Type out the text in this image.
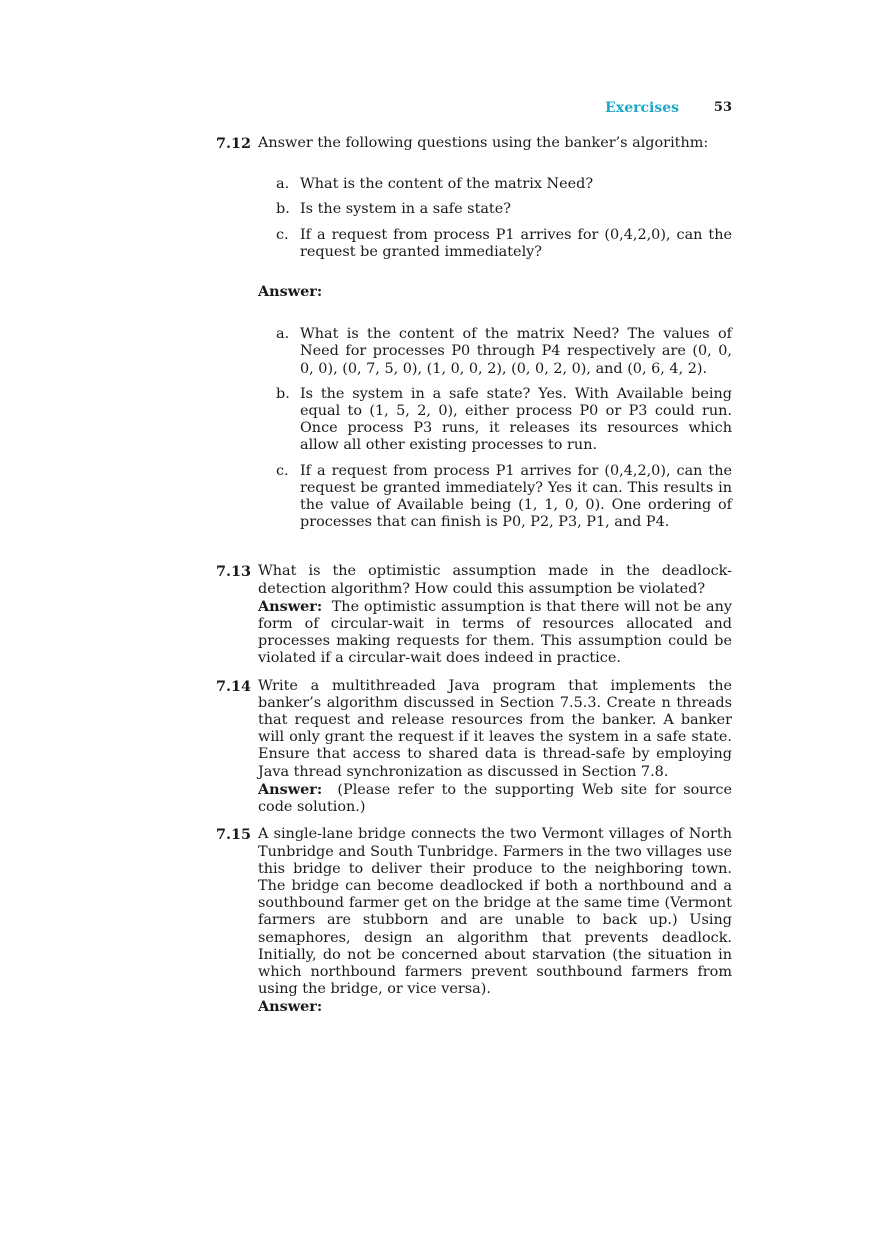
Exercises	53
7.12 Answer the following questions using the banker’s algorithm:
a. What is the content of the matrix Need?
b. Is the system in a safe state?
c. If a request from process P1 arrives for (0,4,2,0), can the request be granted immediately?
Answer:
a. What is the content of the matrix Need? The values of Need for processes P0 through P4 respectively are (0, 0, 0, 0), (0, 7, 5, 0), (1, 0, 0, 2), (0, 0, 2, 0), and (0, 6, 4, 2).
b. Is the system in a safe state? Yes. With Available being equal to (1, 5, 2, 0), either process P0 or P3 could run. Once process P3 runs, it releases its resources which allow all other existing processes to run.
c. If a request from process P1 arrives for (0,4,2,0), can the request be granted immediately? Yes it can. This results in the value of Available being (1, 1, 0, 0). One ordering of processes that can finish is P0, P2, P3, P1, and P4.
7.13 What is the optimistic assumption made in the deadlock-detection algorithm? How could this assumption be violated?
Answer: The optimistic assumption is that there will not be any form of circular-wait in terms of resources allocated and processes making requests for them. This assumption could be violated if a circular-wait does indeed in practice.
7.14 Write a multithreaded Java program that implements the banker’s algorithm discussed in Section 7.5.3. Create n threads that request and release resources from the banker. A banker will only grant the request if it leaves the system in a safe state. Ensure that access to shared data is thread-safe by employing Java thread synchronization as discussed in Section 7.8.
Answer: (Please refer to the supporting Web site for source code solution.)
7.15 A single-lane bridge connects the two Vermont villages of North Tunbridge and South Tunbridge. Farmers in the two villages use this bridge to deliver their produce to the neighboring town. The bridge can become deadlocked if both a northbound and a southbound farmer get on the bridge at the same time (Vermont farmers are stubborn and are unable to back up.) Using semaphores, design an algorithm that prevents deadlock. Initially, do not be concerned about starvation (the situation in which northbound farmers prevent southbound farmers from using the bridge, or vice versa).
Answer:
